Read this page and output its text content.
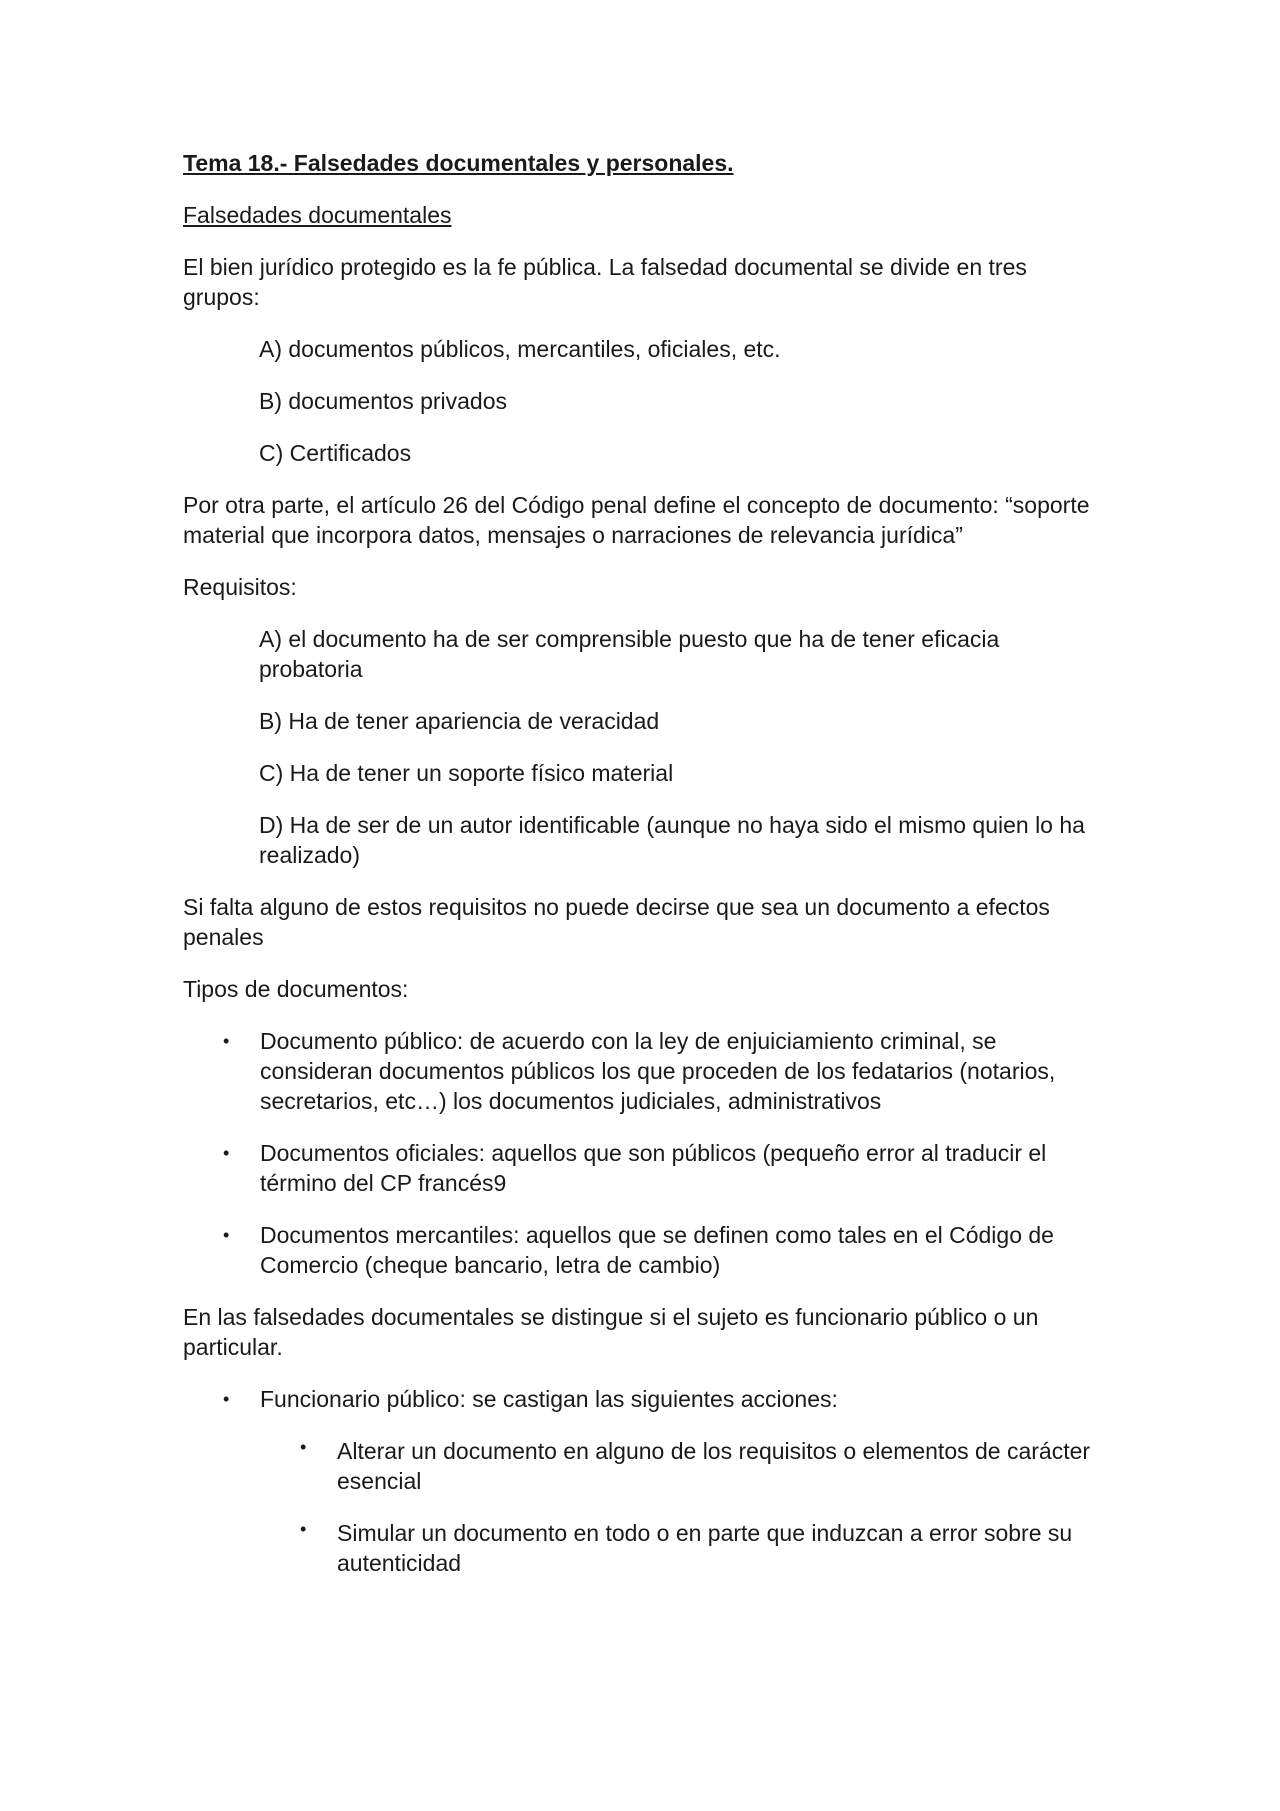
Tema 18.- Falsedades documentales y personales.

Falsedades documentales

El bien jurídico protegido es la fe pública. La falsedad documental se divide en tres grupos:

A) documentos públicos, mercantiles, oficiales, etc.

B) documentos privados

C) Certificados

Por otra parte, el artículo 26 del Código penal define el concepto de documento: “soporte material que incorpora datos, mensajes o narraciones de relevancia jurídica”

Requisitos:

A) el documento ha de ser comprensible puesto que ha de tener eficacia probatoria

B) Ha de tener apariencia de veracidad

C) Ha de tener un soporte físico material

D) Ha de ser de un autor identificable (aunque no haya sido el mismo quien lo ha realizado)

Si falta alguno de estos requisitos no puede decirse que sea un documento a efectos penales

Tipos de documentos:

• Documento público: de acuerdo con la ley de enjuiciamiento criminal, se consideran documentos públicos los que proceden de los fedatarios (notarios, secretarios, etc…) los documentos judiciales, administrativos
• Documentos oficiales: aquellos que son públicos (pequeño error al traducir el término del CP francés9
• Documentos mercantiles: aquellos que se definen como tales en el Código de Comercio (cheque bancario, letra de cambio)

En las falsedades documentales se distingue si el sujeto es funcionario público o un particular.

• Funcionario público: se castigan las siguientes acciones:
• Alterar un documento en alguno de los requisitos o elementos de carácter esencial
• Simular un documento en todo o en parte que induzcan a error sobre su autenticidad
